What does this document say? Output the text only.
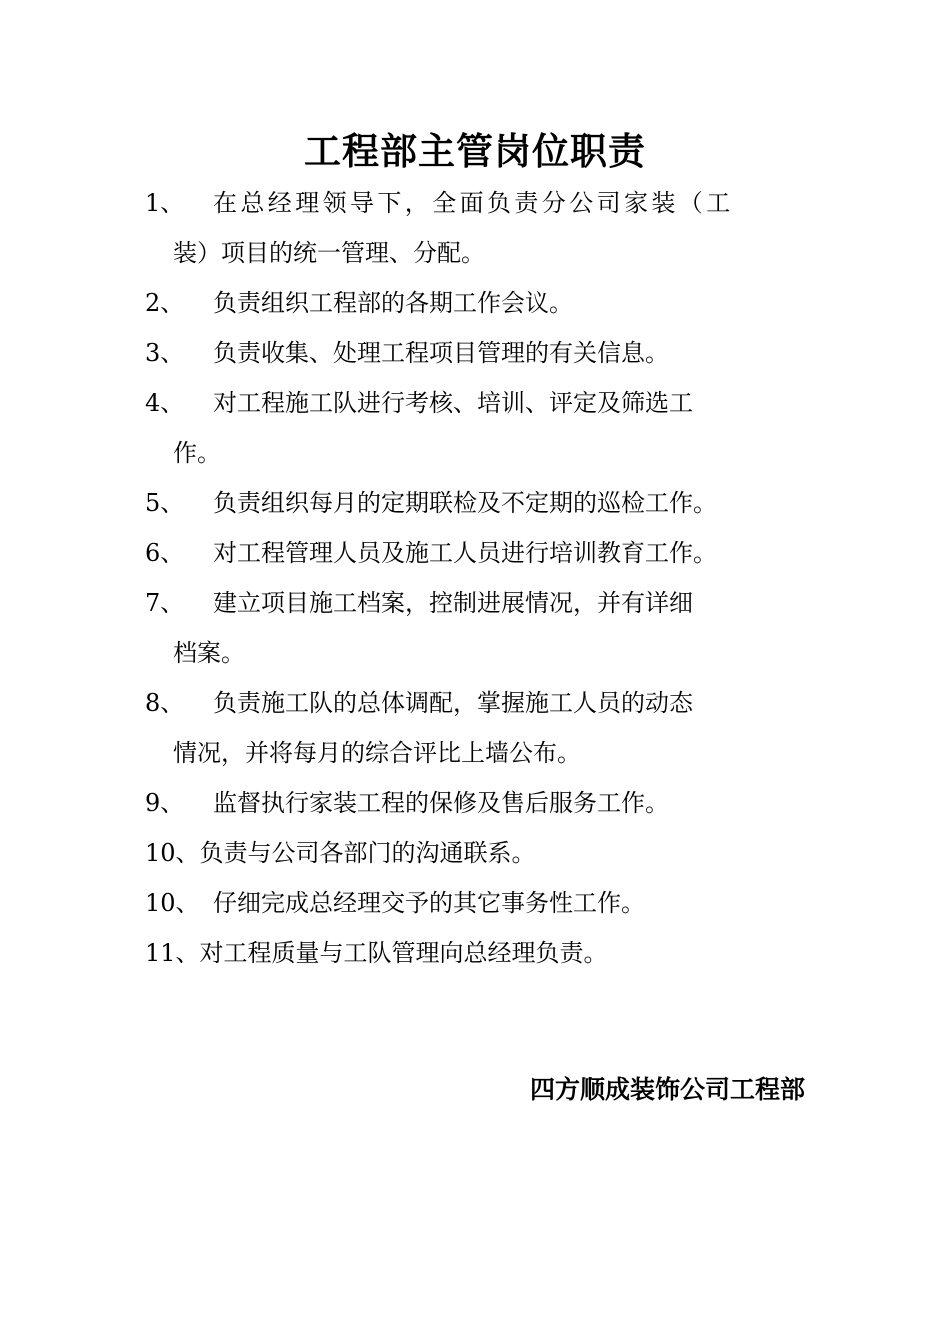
工程部主管岗位职责
1、	在总经理领导下，全面负责分公司家装（工
装）项目的统一管理、分配。
2、	负责组织工程部的各期工作会议。
3、	负责收集、处理工程项目管理的有关信息。
4、	对工程施工队进行考核、培训、评定及筛选工
作。
5、	负责组织每月的定期联检及不定期的巡检工作。
6、	对工程管理人员及施工人员进行培训教育工作。
7、	建立项目施工档案，控制进展情况，并有详细
档案。
8、	负责施工队的总体调配，掌握施工人员的动态
情况，并将每月的综合评比上墙公布。
9、	监督执行家装工程的保修及售后服务工作。
10、 负责与公司各部门的沟通联系。
10、 仔细完成总经理交予的其它事务性工作。
11、 对工程质量与工队管理向总经理负责。
四方顺成装饰公司工程部
